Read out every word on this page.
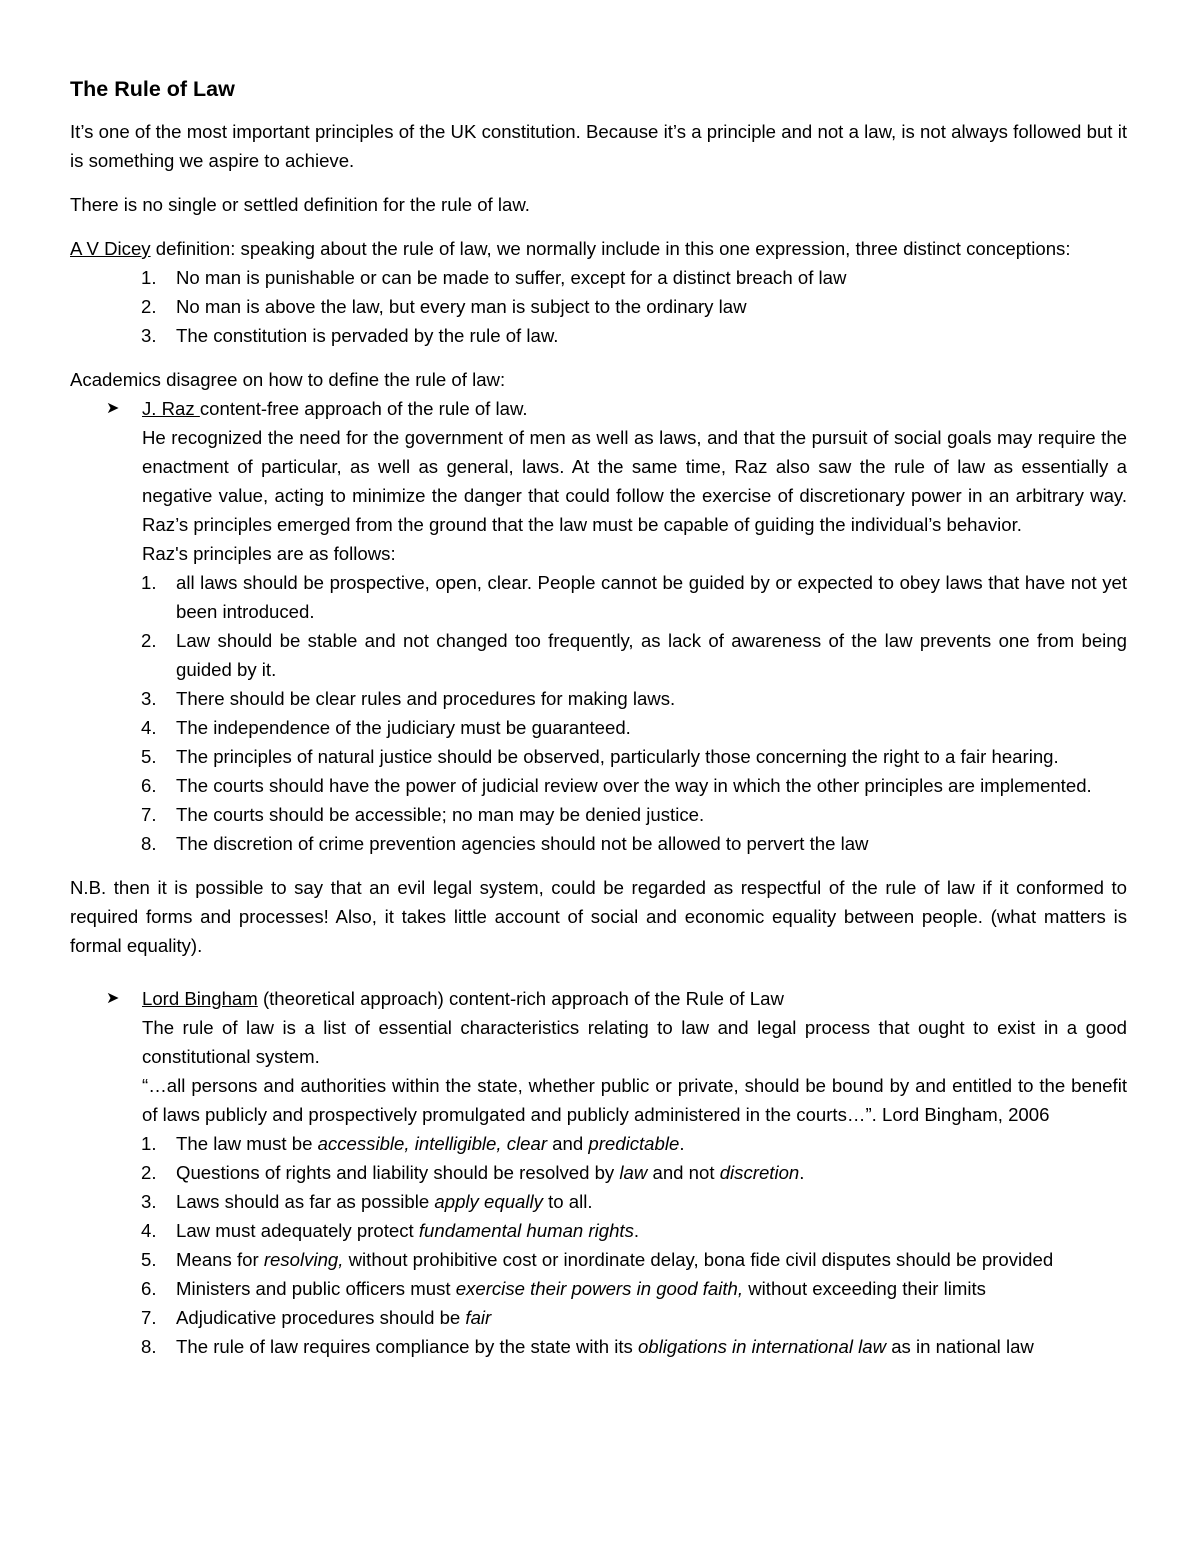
The Rule of Law

It’s one of the most important principles of the UK constitution. Because it’s a principle and not a law, is not always followed but it is something we aspire to achieve.

There is no single or settled definition for the rule of law.

A V Dicey definition: speaking about the rule of law, we normally include in this one expression, three distinct conceptions:

1. No man is punishable or can be made to suffer, except for a distinct breach of law
2. No man is above the law, but every man is subject to the ordinary law
3. The constitution is pervaded by the rule of law.

Academics disagree on how to define the rule of law:

➤ J. Raz content-free approach of the rule of law.

He recognized the need for the government of men as well as laws, and that the pursuit of social goals may require the enactment of particular, as well as general, laws. At the same time, Raz also saw the rule of law as essentially a negative value, acting to minimize the danger that could follow the exercise of discretionary power in an arbitrary way. Raz’s principles emerged from the ground that the law must be capable of guiding the individual’s behavior.

Raz's principles are as follows:

1. all laws should be prospective, open, clear. People cannot be guided by or expected to obey laws that have not yet been introduced.
2. Law should be stable and not changed too frequently, as lack of awareness of the law prevents one from being guided by it.
3. There should be clear rules and procedures for making laws.
4. The independence of the judiciary must be guaranteed.
5. The principles of natural justice should be observed, particularly those concerning the right to a fair hearing.
6. The courts should have the power of judicial review over the way in which the other principles are implemented.
7. The courts should be accessible; no man may be denied justice.
8. The discretion of crime prevention agencies should not be allowed to pervert the law

N.B. then it is possible to say that an evil legal system, could be regarded as respectful of the rule of law if it conformed to required forms and processes! Also, it takes little account of social and economic equality between people. (what matters is formal equality).

➤ Lord Bingham (theoretical approach) content-rich approach of the Rule of Law

The rule of law is a list of essential characteristics relating to law and legal process that ought to exist in a good constitutional system.

“…all persons and authorities within the state, whether public or private, should be bound by and entitled to the benefit of laws publicly and prospectively promulgated and publicly administered in the courts…”. Lord Bingham, 2006

1. The law must be accessible, intelligible, clear and predictable.
2. Questions of rights and liability should be resolved by law and not discretion.
3. Laws should as far as possible apply equally to all.
4. Law must adequately protect fundamental human rights.
5. Means for resolving, without prohibitive cost or inordinate delay, bona fide civil disputes should be provided
6. Ministers and public officers must exercise their powers in good faith, without exceeding their limits
7. Adjudicative procedures should be fair
8. The rule of law requires compliance by the state with its obligations in international law as in national law
